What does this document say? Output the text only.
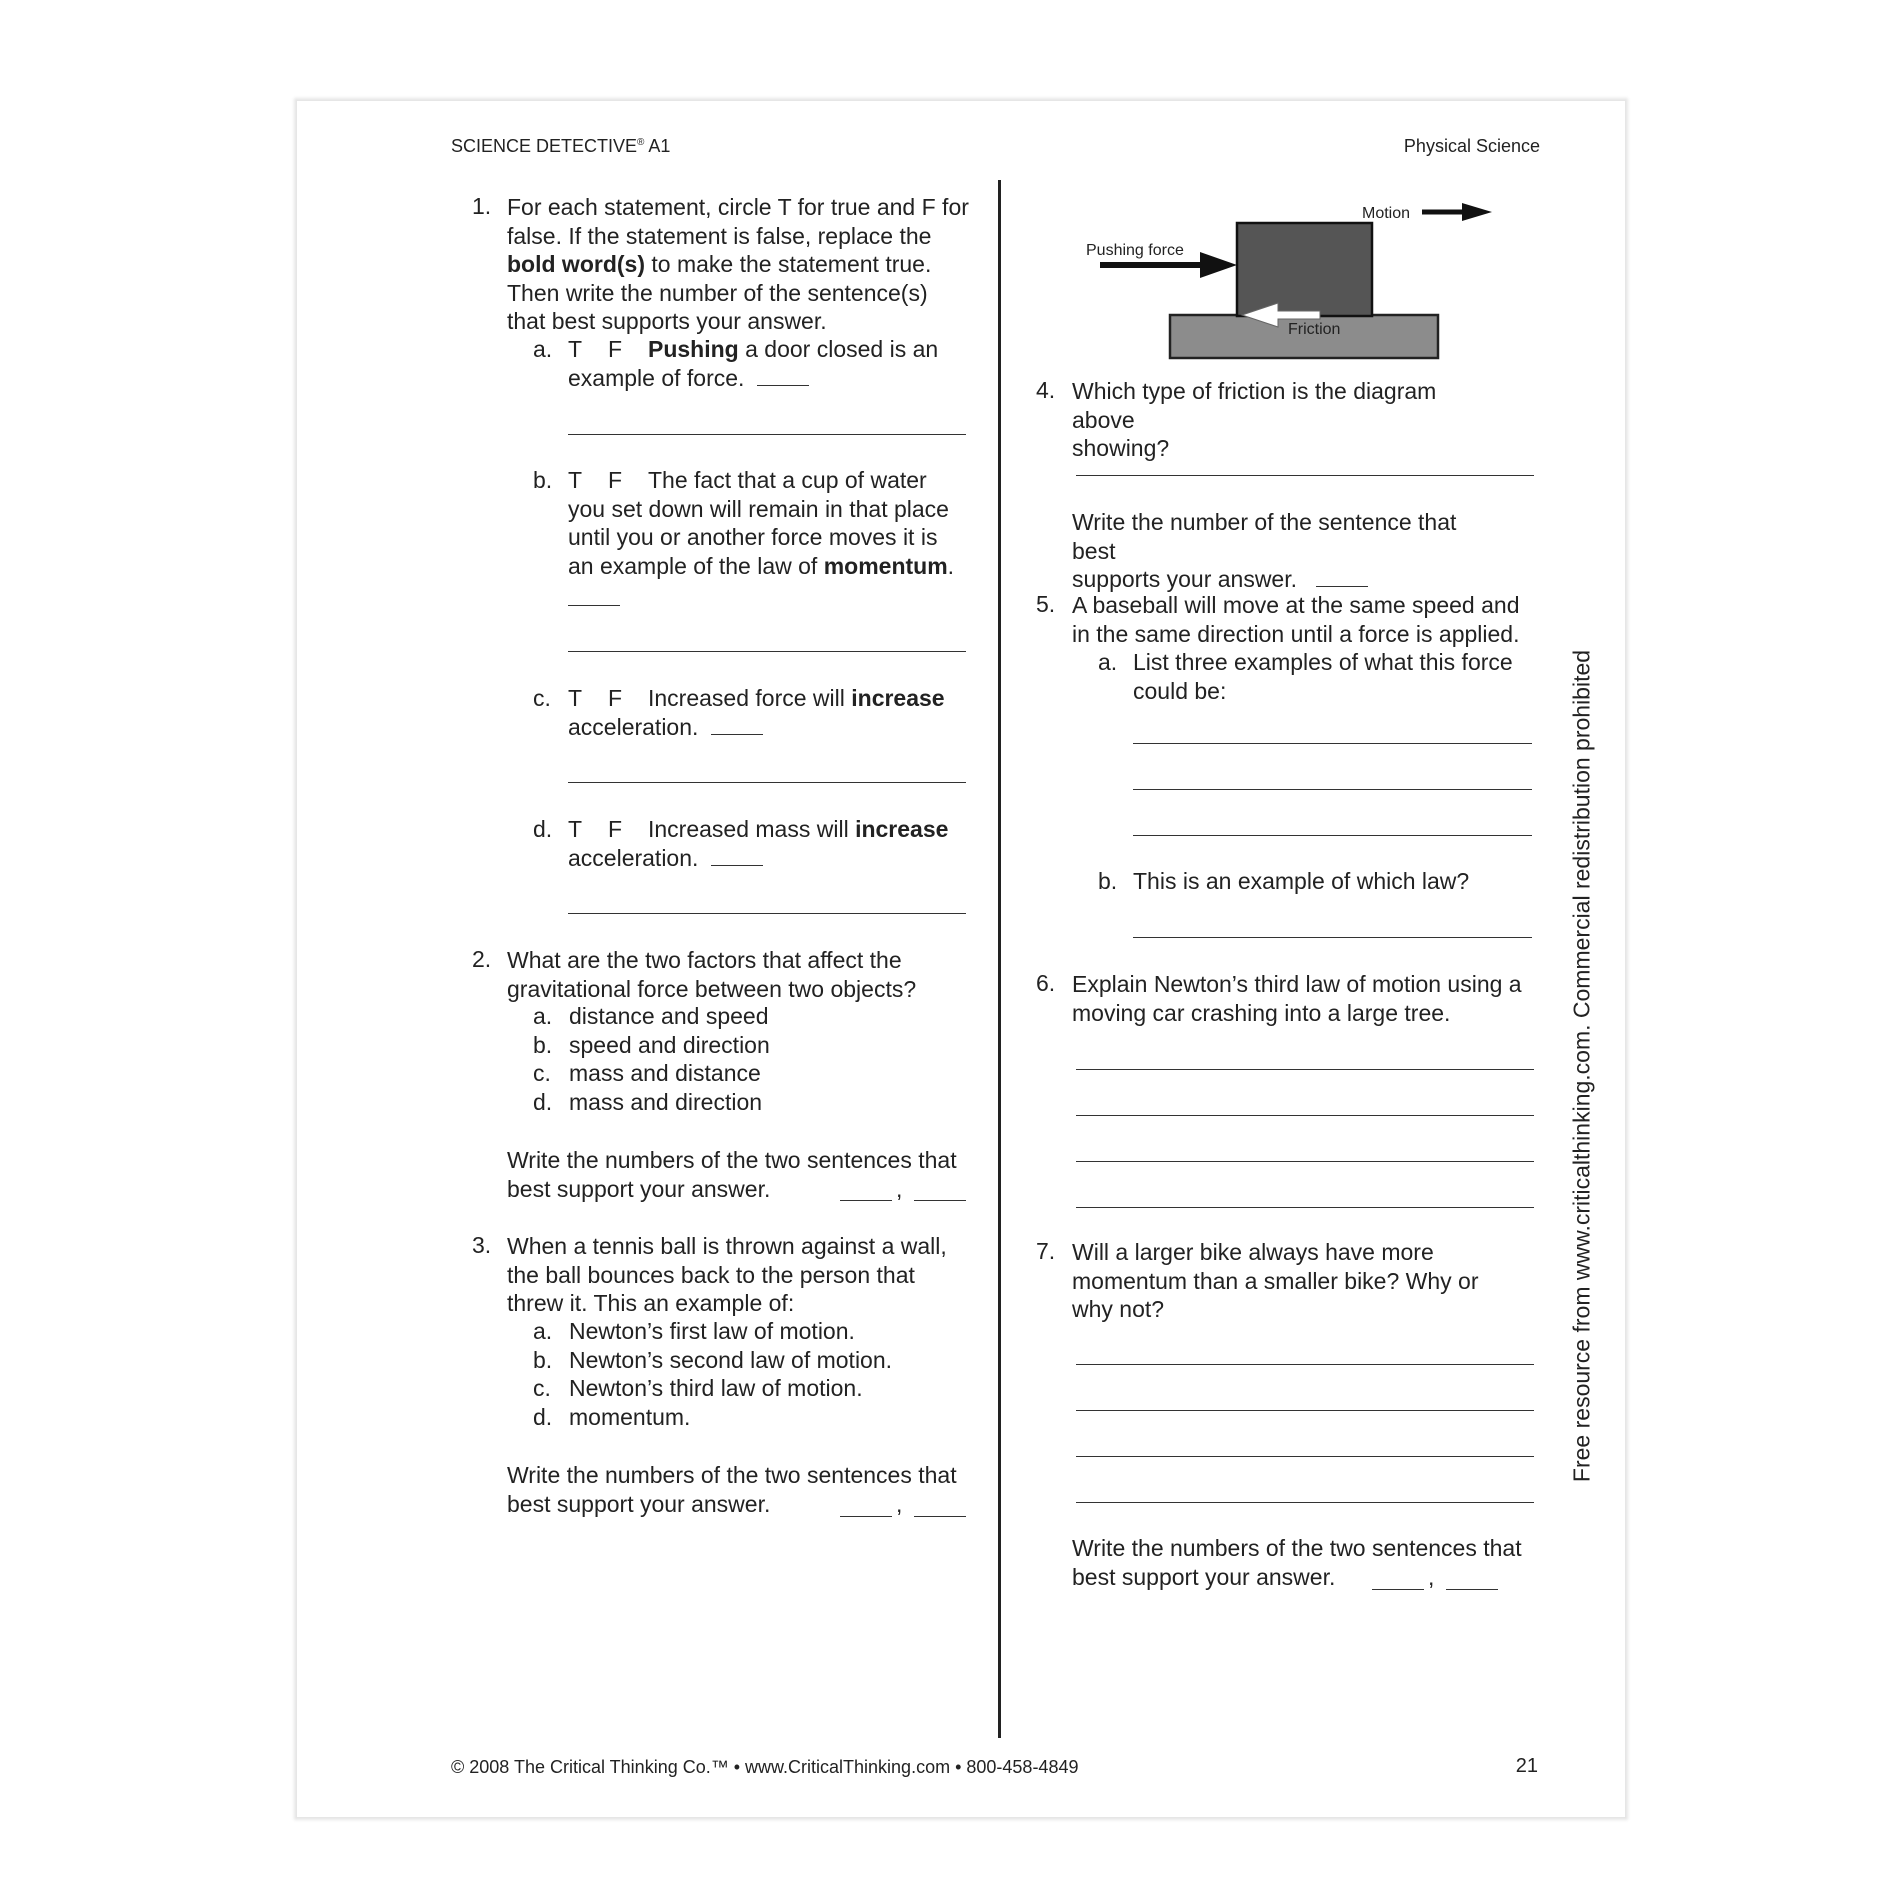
SCIENCE DETECTIVE® A1	Physical Science
1. For each statement, circle T for true and F for
false. If the statement is false, replace the
bold word(s) to make the statement true.
Then write the number of the sentence(s)
that best supports your answer.
a. T F Pushing a door closed is an
example of force.
b. T F The fact that a cup of water
you set down will remain in that place
until you or another force moves it is
an example of the law of momentum.
c. T F Increased force will increase
acceleration.
d. T F Increased mass will increase
acceleration.
2. What are the two factors that affect the
gravitational force between two objects?
a. distance and speed
b. speed and direction
c. mass and distance
d. mass and direction
Write the numbers of the two sentences that
best support your answer.	,
3. When a tennis ball is thrown against a wall,
the ball bounces back to the person that
threw it. This an example of:
a. Newton’s first law of motion.
b. Newton’s second law of motion.
c. Newton’s third law of motion.
d. momentum.
Write the numbers of the two sentences that
best support your answer.	,
Motion
Pushing force
Friction
4. Which type of friction is the diagram above
showing?
Write the number of the sentence that best
supports your answer.
5. A baseball will move at the same speed and
in the same direction until a force is applied.
a. List three examples of what this force
could be:
b. This is an example of which law?
6. Explain Newton’s third law of motion using a
moving car crashing into a large tree.
7. Will a larger bike always have more
momentum than a smaller bike? Why or
why not?
Write the numbers of the two sentences that
best support your answer.	,
Free resource from www.criticalthinking.com. Commercial redistribution prohibited
© 2008 The Critical Thinking Co.™ • www.CriticalThinking.com • 800-458-4849	21
